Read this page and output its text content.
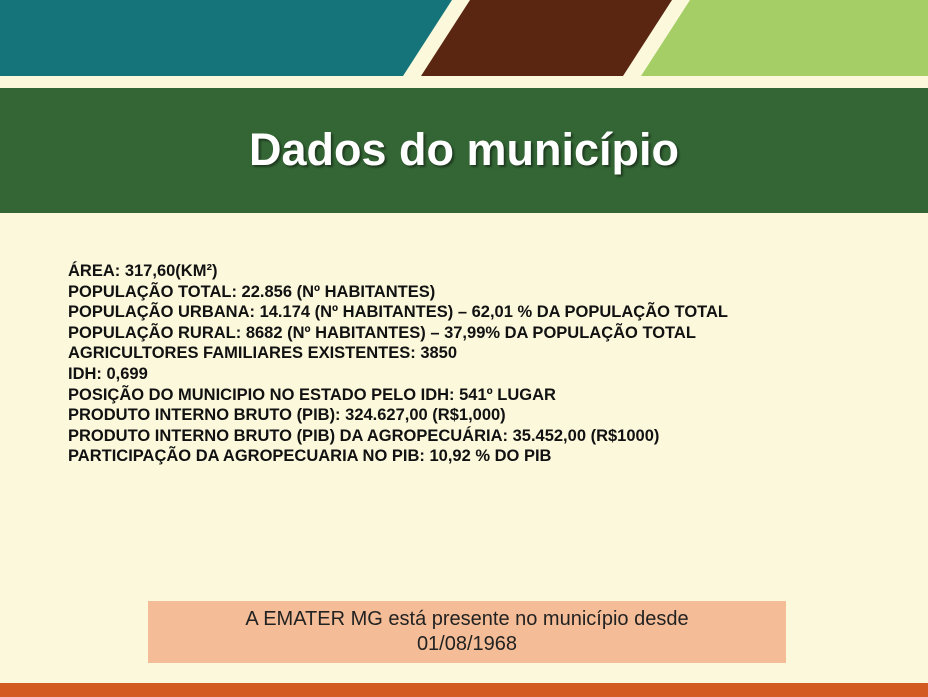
Dados do município
ÁREA: 317,60(KM²)
POPULAÇÃO TOTAL: 22.856 (Nº HABITANTES)
POPULAÇÃO URBANA: 14.174 (Nº HABITANTES) – 62,01 % DA POPULAÇÃO TOTAL
POPULAÇÃO RURAL: 8682 (Nº HABITANTES) – 37,99% DA POPULAÇÃO TOTAL
AGRICULTORES FAMILIARES EXISTENTES: 3850
IDH: 0,699
POSIÇÃO DO MUNICIPIO NO ESTADO PELO IDH: 541º LUGAR
PRODUTO INTERNO BRUTO (PIB): 324.627,00 (R$1,000)
PRODUTO INTERNO BRUTO (PIB) DA AGROPECUÁRIA: 35.452,00 (R$1000)
PARTICIPAÇÃO DA AGROPECUARIA NO PIB: 10,92 % DO PIB
A EMATER MG está presente no município desde
01/08/1968
